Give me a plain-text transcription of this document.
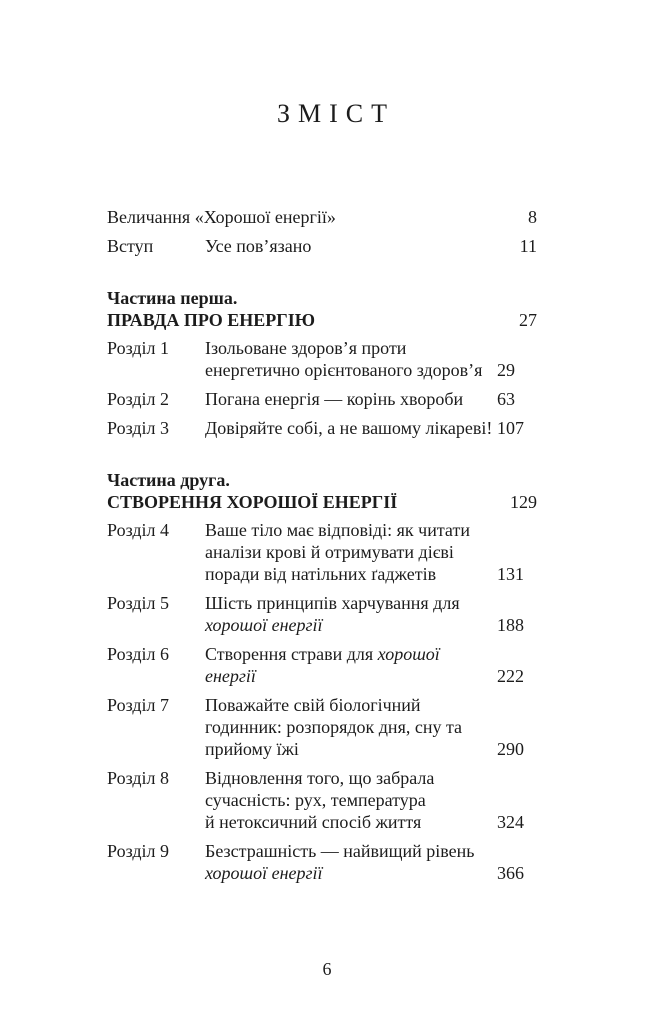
ЗМІСТ
Величання «Хорошої енергії»	8
Вступ	Усе пов’язано	11
Частина перша.
ПРАВДА ПРО ЕНЕРГІЮ	27
Розділ 1	Ізольоване здоров’я проти
енергетично орієнтованого здоров’я 29
Розділ 2	Погана енергія — корінь хвороби	63
Розділ 3	Довіряйте собі, а не вашому лікареві! 107
Частина друга.
СТВОРЕННЯ ХОРОШОЇ ЕНЕРГІЇ	129
Розділ 4	Ваше тіло має відповіді: як читати
аналізи крові й отримувати дієві
поради від натільних ґаджетів	131
Розділ 5	Шість принципів харчування для
хорошої енергії	188
Розділ 6	Створення страви для хорошої
енергії	222
Розділ 7	Поважайте свій біологічний
годинник: розпорядок дня, сну та
прийому їжі	290
Розділ 8	Відновлення того, що забрала
сучасність: рух, температура
й нетоксичний спосіб життя	324
Розділ 9	Безстрашність — найвищий рівень
хорошої енергії	366
6
